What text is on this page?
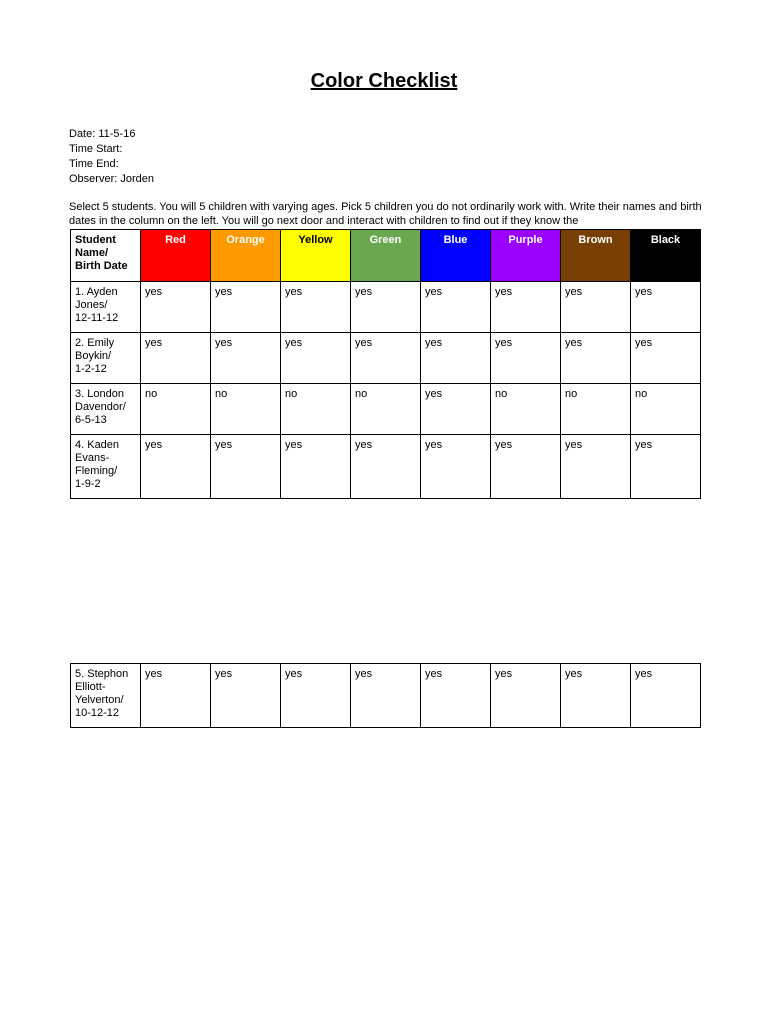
Color Checklist
Date: 11-5-16
Time Start:
Time End:
Observer: Jorden
Select 5 students. You will 5 children with varying ages. Pick 5 children you do not ordinarily work with. Write their names and birth
dates in the column on the left. You will go next door and interact with children to find out if they know the
Student
Name/
Birth Date	Red	Orange	Yellow	Green	Blue	Purple	Brown	Black

1. Ayden
Jones/
12-11-12	yes	yes	yes	yes	yes	yes	yes	yes

2. Emily
Boykin/
1-2-12	yes	yes	yes	yes	yes	yes	yes	yes

3. London
Davendor/
6-5-13	no	no	no	no	yes	no	no	no

4. Kaden
Evans-
Fleming/
1-9-2	yes	yes	yes	yes	yes	yes	yes	yes
5. Stephon
Elliott-
Yelverton/
10-12-12
	yes	yes	yes	yes	yes	yes	yes	yes
